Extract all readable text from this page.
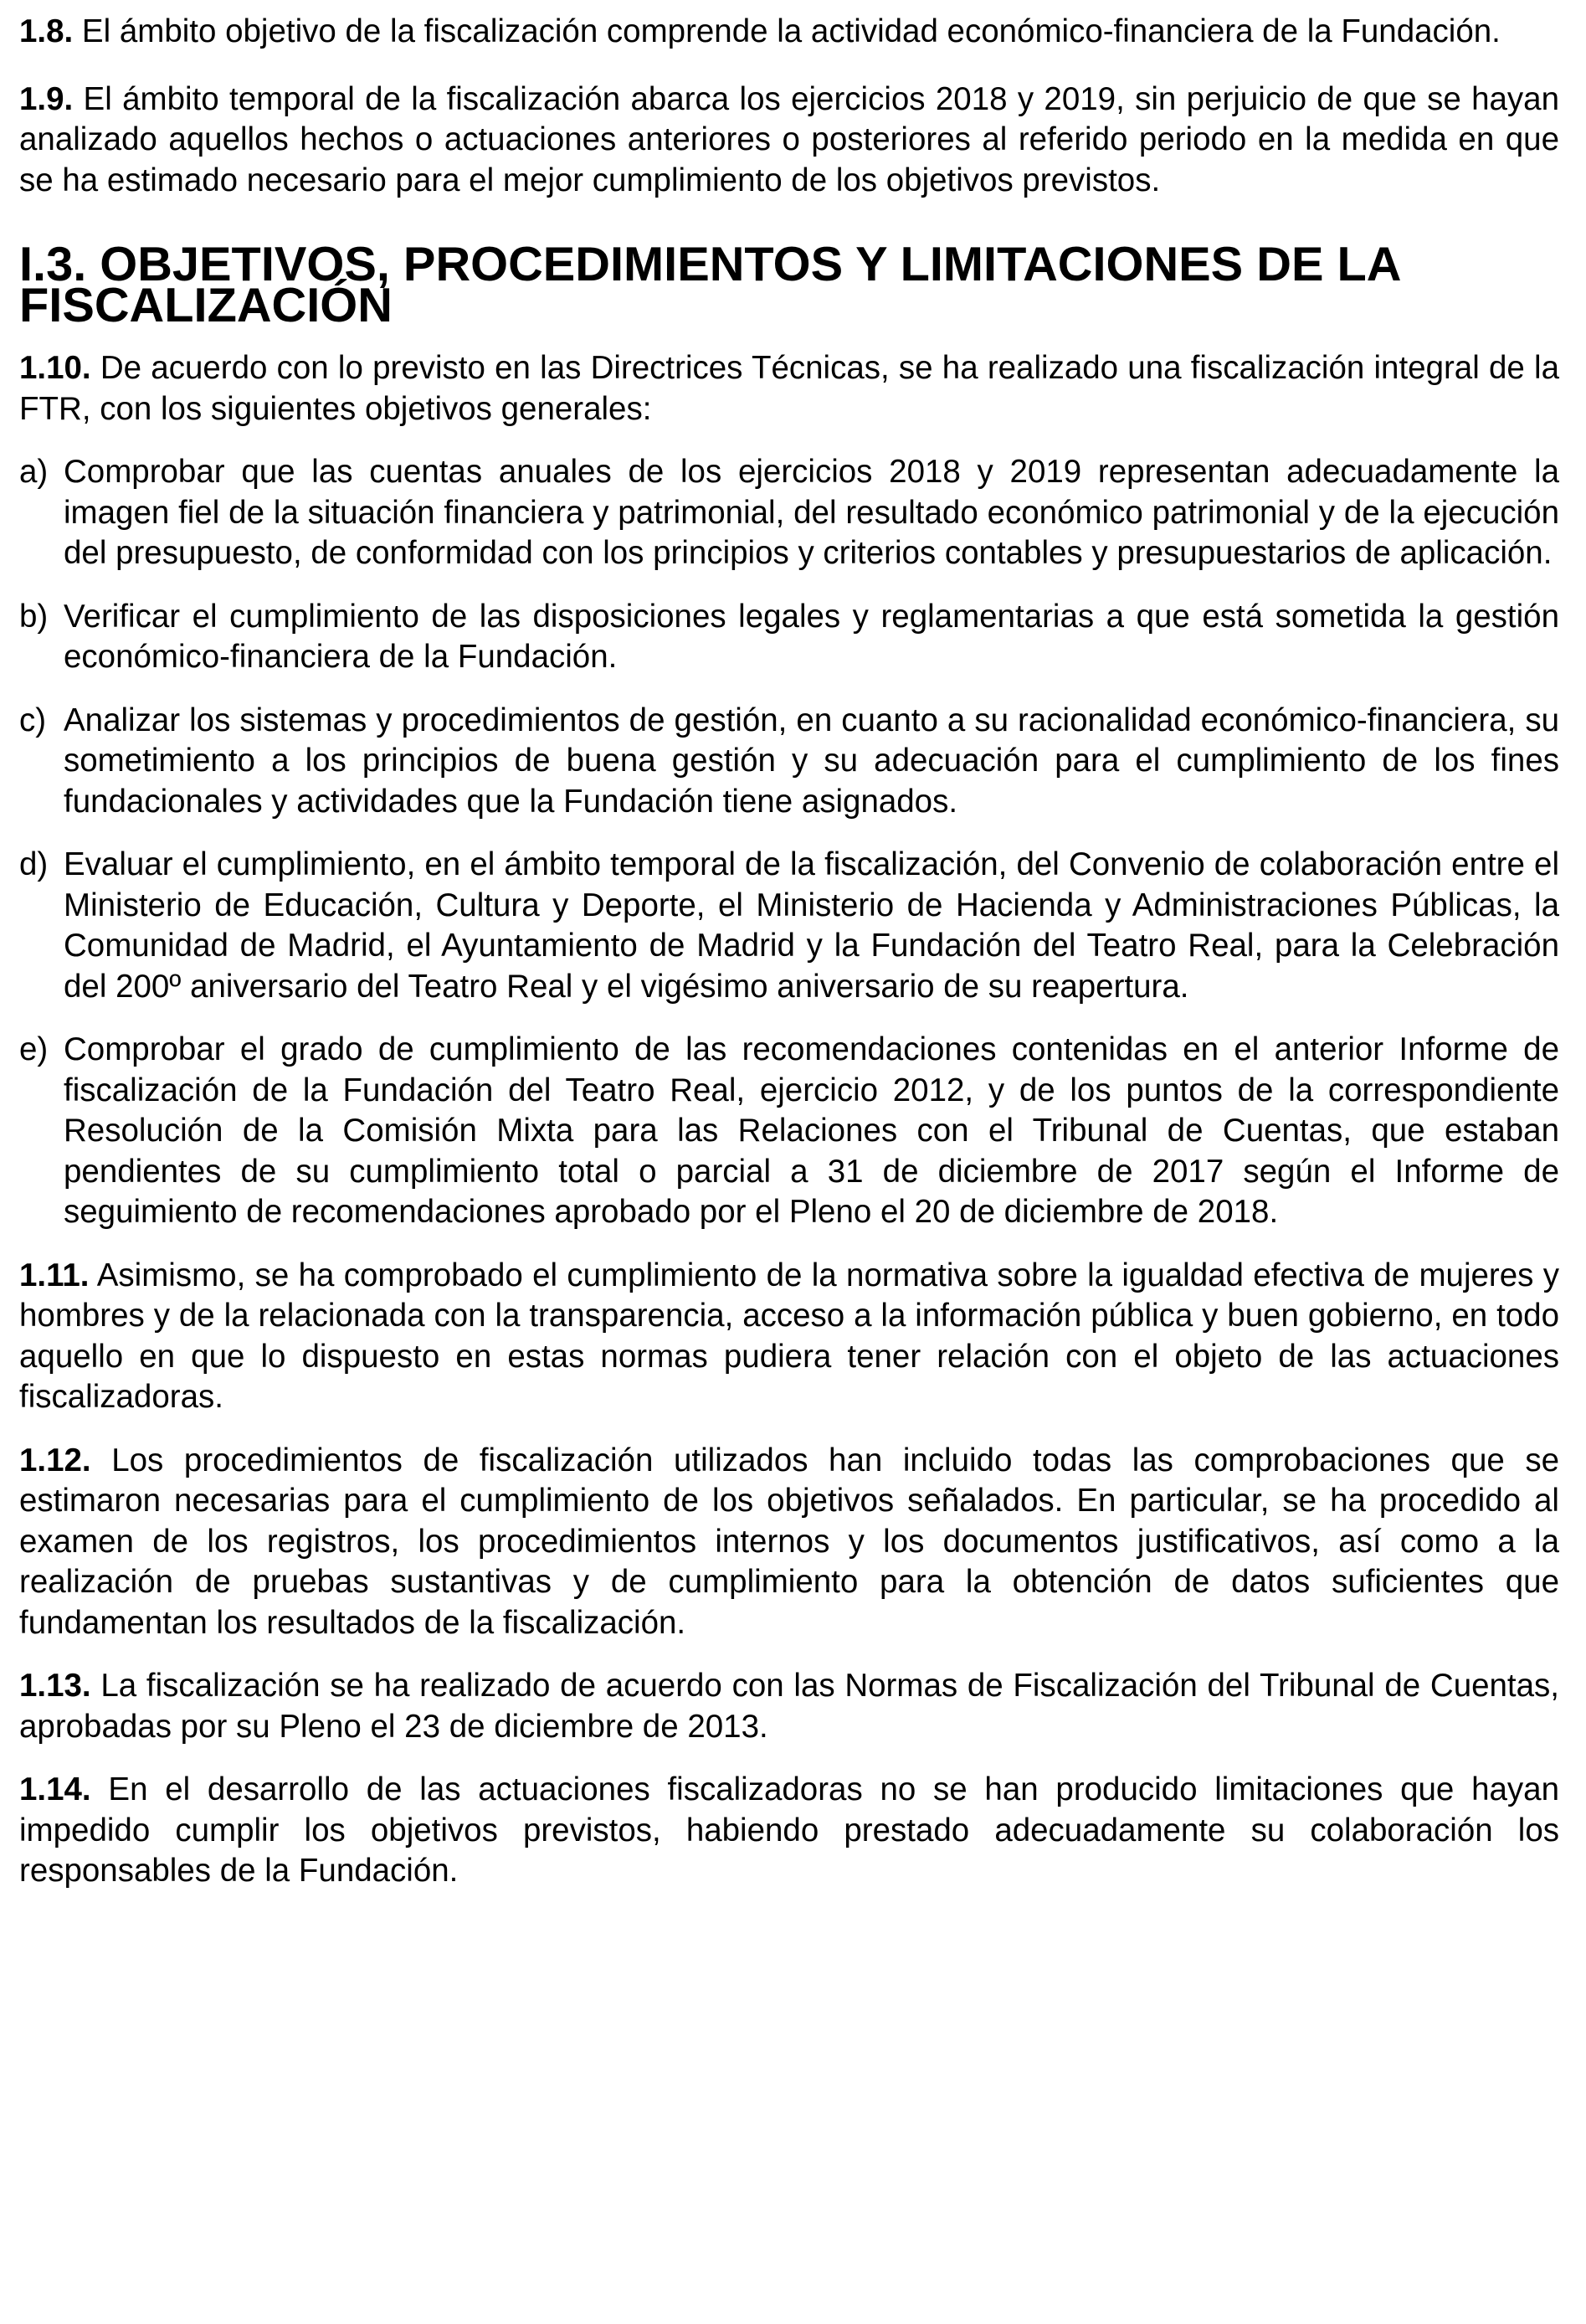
1.8. El ámbito objetivo de la fiscalización comprende la actividad económico-financiera de la Fundación.

1.9. El ámbito temporal de la fiscalización abarca los ejercicios 2018 y 2019, sin perjuicio de que se hayan analizado aquellos hechos o actuaciones anteriores o posteriores al referido periodo en la medida en que se ha estimado necesario para el mejor cumplimiento de los objetivos previstos.

I.3. OBJETIVOS, PROCEDIMIENTOS Y LIMITACIONES DE LA FISCALIZACIÓN

1.10. De acuerdo con lo previsto en las Directrices Técnicas, se ha realizado una fiscalización integral de la FTR, con los siguientes objetivos generales:

a) Comprobar que las cuentas anuales de los ejercicios 2018 y 2019 representan adecuadamente la imagen fiel de la situación financiera y patrimonial, del resultado económico patrimonial y de la ejecución del presupuesto, de conformidad con los principios y criterios contables y presupuestarios de aplicación.
b) Verificar el cumplimiento de las disposiciones legales y reglamentarias a que está sometida la gestión económico-financiera de la Fundación.
c) Analizar los sistemas y procedimientos de gestión, en cuanto a su racionalidad económico-financiera, su sometimiento a los principios de buena gestión y su adecuación para el cumplimiento de los fines fundacionales y actividades que la Fundación tiene asignados.
d) Evaluar el cumplimiento, en el ámbito temporal de la fiscalización, del Convenio de colaboración entre el Ministerio de Educación, Cultura y Deporte, el Ministerio de Hacienda y Administraciones Públicas, la Comunidad de Madrid, el Ayuntamiento de Madrid y la Fundación del Teatro Real, para la Celebración del 200º aniversario del Teatro Real y el vigésimo aniversario de su reapertura.
e) Comprobar el grado de cumplimiento de las recomendaciones contenidas en el anterior Informe de fiscalización de la Fundación del Teatro Real, ejercicio 2012, y de los puntos de la correspondiente Resolución de la Comisión Mixta para las Relaciones con el Tribunal de Cuentas, que estaban pendientes de su cumplimiento total o parcial a 31 de diciembre de 2017 según el Informe de seguimiento de recomendaciones aprobado por el Pleno el 20 de diciembre de 2018.

1.11. Asimismo, se ha comprobado el cumplimiento de la normativa sobre la igualdad efectiva de mujeres y hombres y de la relacionada con la transparencia, acceso a la información pública y buen gobierno, en todo aquello en que lo dispuesto en estas normas pudiera tener relación con el objeto de las actuaciones fiscalizadoras.

1.12. Los procedimientos de fiscalización utilizados han incluido todas las comprobaciones que se estimaron necesarias para el cumplimiento de los objetivos señalados. En particular, se ha procedido al examen de los registros, los procedimientos internos y los documentos justificativos, así como a la realización de pruebas sustantivas y de cumplimiento para la obtención de datos suficientes que fundamentan los resultados de la fiscalización.

1.13. La fiscalización se ha realizado de acuerdo con las Normas de Fiscalización del Tribunal de Cuentas, aprobadas por su Pleno el 23 de diciembre de 2013.

1.14. En el desarrollo de las actuaciones fiscalizadoras no se han producido limitaciones que hayan impedido cumplir los objetivos previstos, habiendo prestado adecuadamente su colaboración los responsables de la Fundación.
